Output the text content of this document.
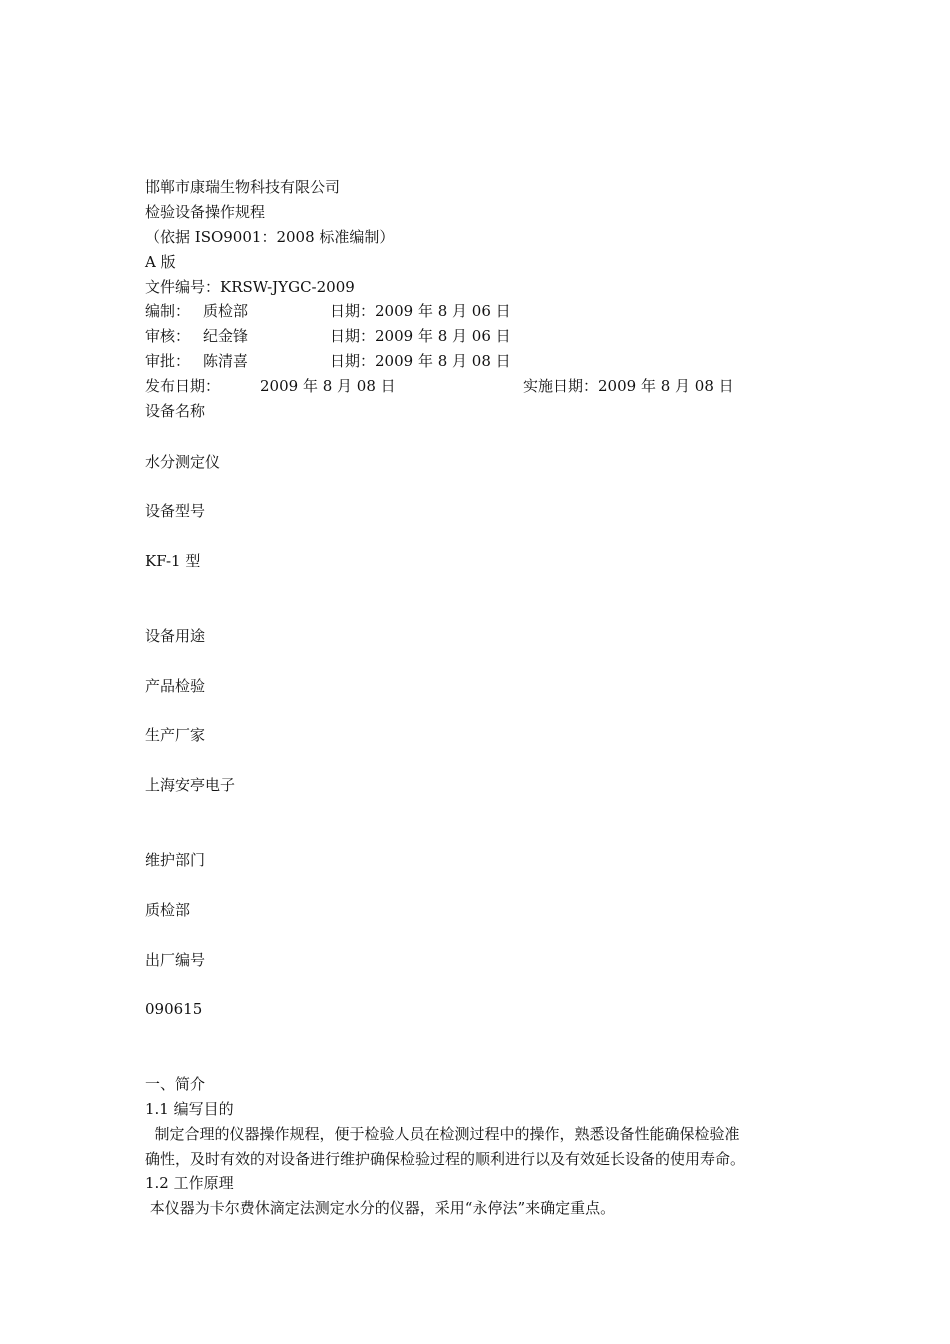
邯郸市康瑞生物科技有限公司
检验设备操作规程
（依据 ISO9001：2008 标准编制）
A 版
文件编号：KRSW-JYGC-2009
编制： 质检部	日期：2009 年 8 月 06 日
审核： 纪金锋	日期：2009 年 8 月 06 日
审批： 陈清喜	日期：2009 年 8 月 08 日
发布日期：	2009 年 8 月 08 日	实施日期：2009 年 8 月 08 日
设备名称
水分测定仪
设备型号
KF-1 型
设备用途
产品检验
生产厂家
上海安亭电子
维护部门
质检部
出厂编号
090615
一、简介
1.1 编写目的
制定合理的仪器操作规程，便于检验人员在检测过程中的操作，熟悉设备性能确保检验准
确性，及时有效的对设备进行维护确保检验过程的顺利进行以及有效延长设备的使用寿命。
1.2 工作原理
本仪器为卡尔费休滴定法测定水分的仪器，采用“永停法”来确定重点。
